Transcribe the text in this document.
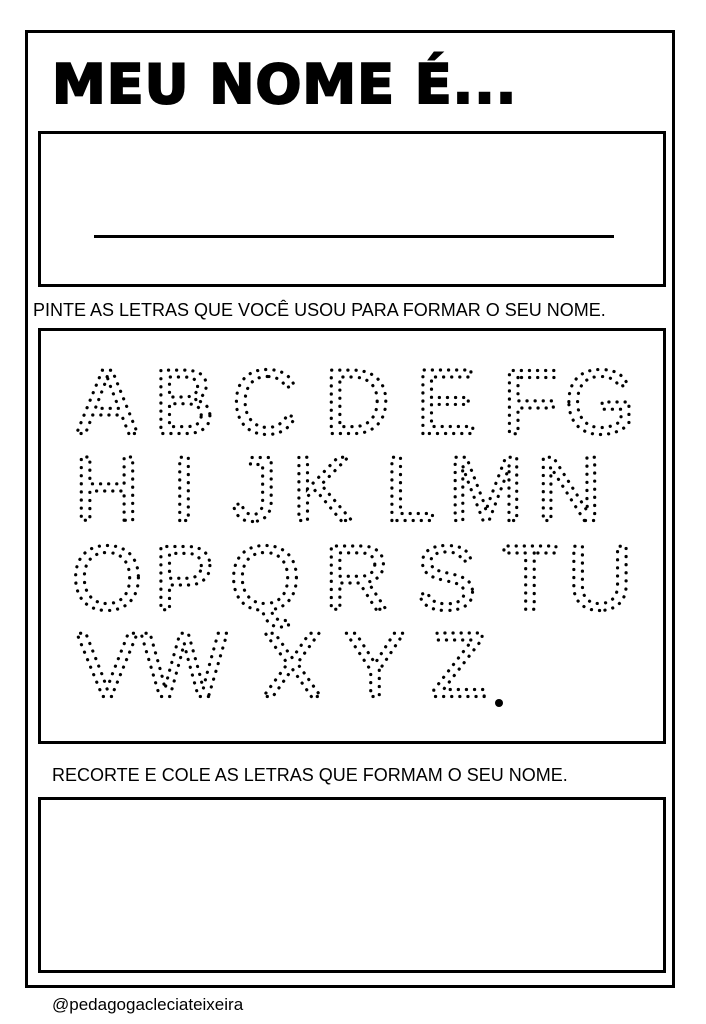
MEU NOME É...

PINTE AS LETRAS QUE VOCÊ USOU PARA FORMAR O SEU NOME.

A B C D E F G
H I J K L M N
O P Q R S T U
V W X Y Z

RECORTE E COLE AS LETRAS QUE FORMAM O SEU NOME.

@pedagogacleciateixeira
